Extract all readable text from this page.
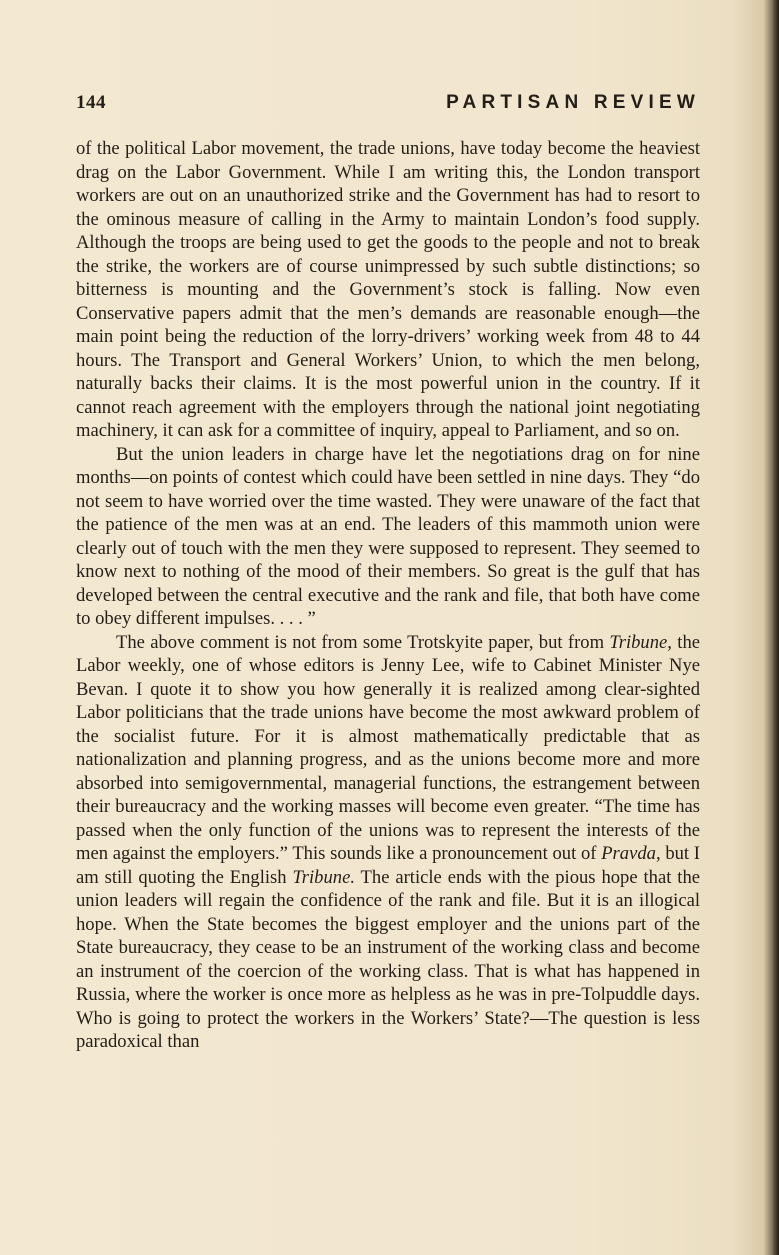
144	PARTISAN REVIEW

of the political Labor movement, the trade unions, have today become the heaviest drag on the Labor Government. While I am writing this, the London transport workers are out on an unauthorized strike and the Government has had to resort to the ominous measure of calling in the Army to maintain London’s food supply. Although the troops are being used to get the goods to the people and not to break the strike, the workers are of course unimpressed by such subtle distinctions; so bitterness is mounting and the Government’s stock is falling. Now even Conservative papers admit that the men’s demands are reasonable enough—the main point being the reduction of the lorry-drivers’ working week from 48 to 44 hours. The Transport and General Workers’ Union, to which the men belong, naturally backs their claims. It is the most powerful union in the country. If it cannot reach agreement with the employers through the national joint negotiating machinery, it can ask for a committee of inquiry, appeal to Parliament, and so on.

But the union leaders in charge have let the negotiations drag on for nine months—on points of contest which could have been settled in nine days. They “do not seem to have worried over the time wasted. They were unaware of the fact that the patience of the men was at an end. The leaders of this mammoth union were clearly out of touch with the men they were supposed to represent. They seemed to know next to nothing of the mood of their members. So great is the gulf that has developed between the central executive and the rank and file, that both have come to obey different impulses. . . . ”

The above comment is not from some Trotskyite paper, but from Tribune, the Labor weekly, one of whose editors is Jenny Lee, wife to Cabinet Minister Nye Bevan. I quote it to show you how generally it is realized among clear-sighted Labor politicians that the trade unions have become the most awkward problem of the socialist future. For it is almost mathematically predictable that as nationalization and planning progress, and as the unions become more and more absorbed into semigovernmental, managerial functions, the estrangement between their bureaucracy and the working masses will become even greater. “The time has passed when the only function of the unions was to represent the interests of the men against the employers.” This sounds like a pronouncement out of Pravda, but I am still quoting the English Tribune. The article ends with the pious hope that the union leaders will regain the confidence of the rank and file. But it is an illogical hope. When the State becomes the biggest employer and the unions part of the State bureaucracy, they cease to be an instrument of the working class and become an instrument of the coercion of the working class. That is what has happened in Russia, where the worker is once more as helpless as he was in pre-Tolpuddle days. Who is going to protect the workers in the Workers’ State?—The question is less paradoxical than
